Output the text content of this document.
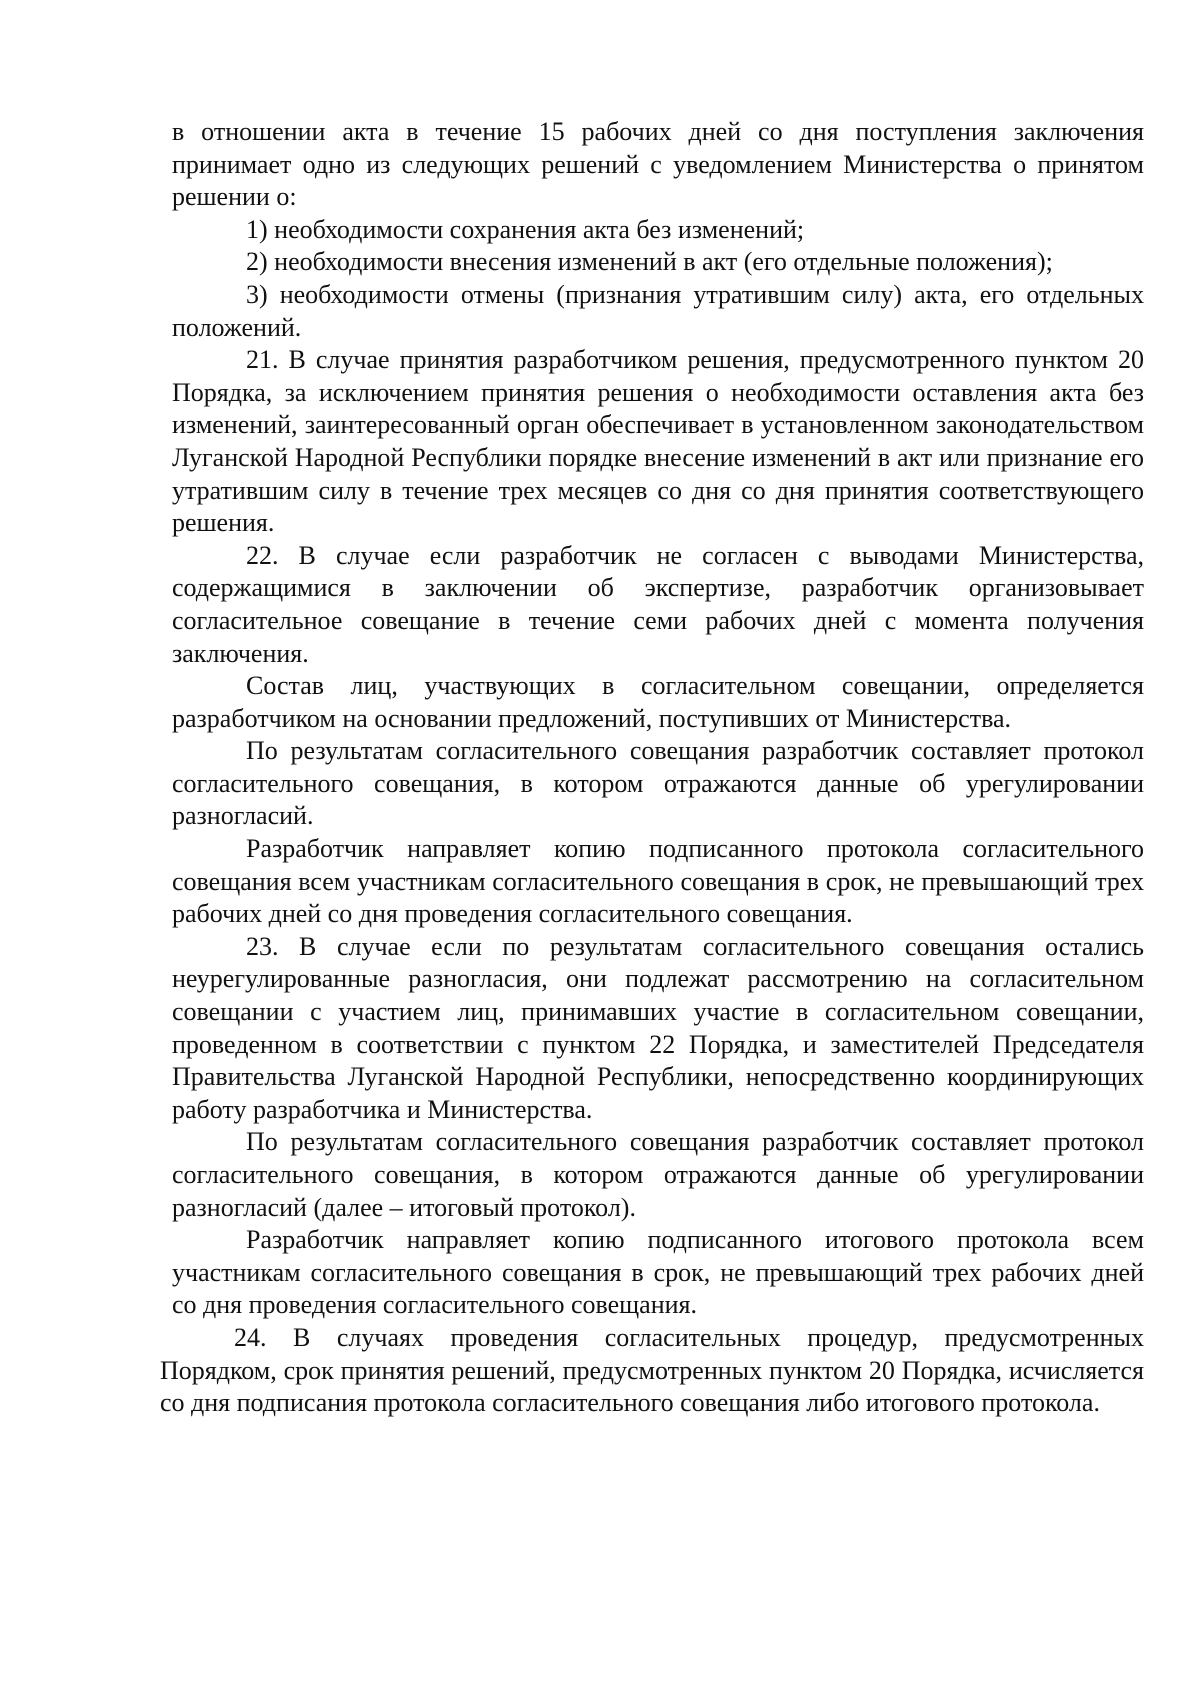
в отношении акта в течение 15 рабочих дней со дня поступления заключения принимает одно из следующих решений с уведомлением Министерства о принятом решении о:

1) необходимости сохранения акта без изменений;

2) необходимости внесения изменений в акт (его отдельные положения);

3) необходимости отмены (признания утратившим силу) акта, его отдельных положений.

21. В случае принятия разработчиком решения, предусмотренного пунктом 20 Порядка, за исключением принятия решения о необходимости оставления акта без изменений, заинтересованный орган обеспечивает в установленном законодательством Луганской Народной Республики порядке внесение изменений в акт или признание его утратившим силу в течение трех месяцев со дня со дня принятия соответствующего решения.

22. В случае если разработчик не согласен с выводами Министерства, содержащимися в заключении об экспертизе, разработчик организовывает согласительное совещание в течение семи рабочих дней с момента получения заключения.

Состав лиц, участвующих в согласительном совещании, определяется разработчиком на основании предложений, поступивших от Министерства.

По результатам согласительного совещания разработчик составляет протокол согласительного совещания, в котором отражаются данные об урегулировании разногласий.

Разработчик направляет копию подписанного протокола согласительного совещания всем участникам согласительного совещания в срок, не превышающий трех рабочих дней со дня проведения согласительного совещания.

23. В случае если по результатам согласительного совещания остались неурегулированные разногласия, они подлежат рассмотрению на согласительном совещании с участием лиц, принимавших участие в согласительном совещании, проведенном в соответствии с пунктом 22 Порядка, и заместителей Председателя Правительства Луганской Народной Республики, непосредственно координирующих работу разработчика и Министерства.

По результатам согласительного совещания разработчик составляет протокол согласительного совещания, в котором отражаются данные об урегулировании разногласий (далее – итоговый протокол).

Разработчик направляет копию подписанного итогового протокола всем участникам согласительного совещания в срок, не превышающий трех рабочих дней со дня проведения согласительного совещания.

24. В случаях проведения согласительных процедур, предусмотренных Порядком, срок принятия решений, предусмотренных пунктом 20 Порядка, исчисляется со дня подписания протокола согласительного совещания либо итогового протокола.
